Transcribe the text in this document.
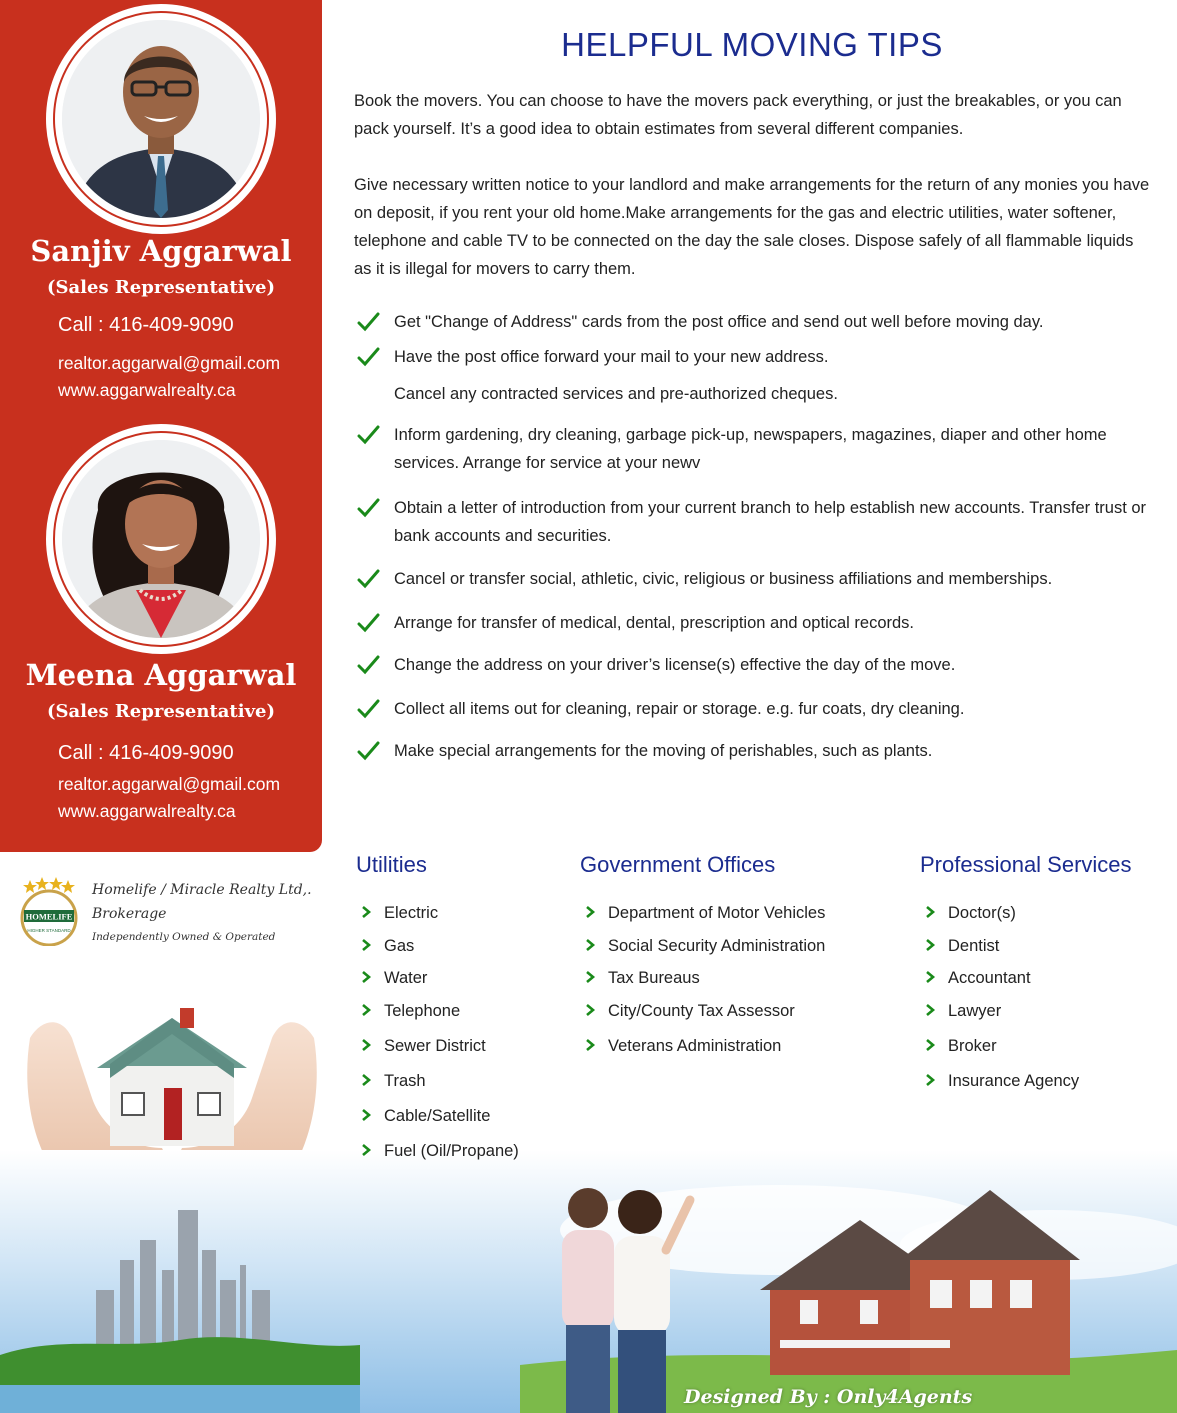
Sanjiv Aggarwal
(Sales Representative)
Call : 416-409-9090
realtor.aggarwal@gmail.com
www.aggarwalrealty.ca
Meena Aggarwal
(Sales Representative)
Call : 416-409-9090
realtor.aggarwal@gmail.com
www.aggarwalrealty.ca
HOMELIFE
HIGHER STANDARD
Homelife / Miracle Realty Ltd,.
Brokerage
Independently Owned & Operated
HELPFUL MOVING TIPS
Book the movers. You can choose to have the movers pack everything, or just the breakables, or you can pack yourself. It’s a good idea to obtain estimates from several different companies.
Give necessary written notice to your landlord and make arrangements for the return of any monies you have on deposit, if you rent your old home.Make arrangements for the gas and electric utilities, water softener, telephone and cable TV to be connected on the day the sale closes. Dispose safely of all flammable liquids as it is illegal for movers to carry them.
Get "Change of Address" cards from the post office and send out well before moving day.
Have the post office forward your mail to your new address.
Cancel any contracted services and pre-authorized cheques.
Inform gardening, dry cleaning, garbage pick-up, newspapers, magazines, diaper and other home services. Arrange for service at your newv
Obtain a letter of introduction from your current branch to help establish new accounts. Transfer trust or bank accounts and securities.
Cancel or transfer social, athletic, civic, religious or business affiliations and memberships.
Arrange for transfer of medical, dental, prescription and optical records.
Change the address on your driver’s license(s) effective the day of the move.
Collect all items out for cleaning, repair or storage. e.g. fur coats, dry cleaning.
Make special arrangements for the moving of perishables, such as plants.
Utilities	Government Offices	Professional Services
Electric
Gas
Water
Telephone
Sewer District
Trash
Cable/Satellite
Fuel (Oil/Propane)
Department of Motor Vehicles
Social Security Administration
Tax Bureaus
City/County Tax Assessor
Veterans Administration
Doctor(s)
Dentist
Accountant
Lawyer
Broker
Insurance Agency
Designed By : Only4Agents
